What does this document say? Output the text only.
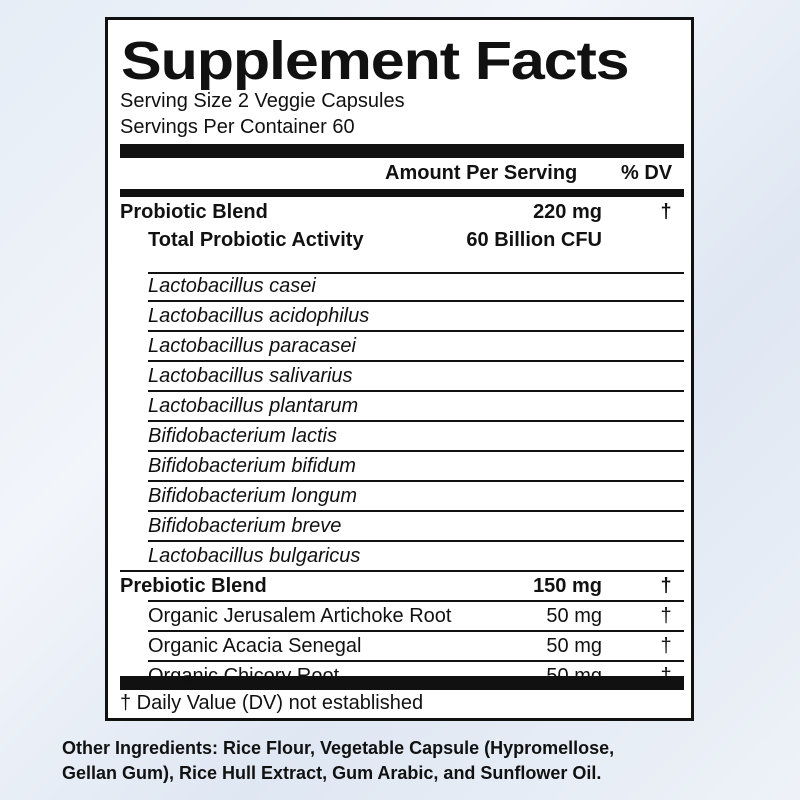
Supplement Facts
Serving Size 2 Veggie Capsules
Servings Per Container 60
Amount Per Serving % DV
† Daily Value (DV) not established
Probiotic Blend	220 mg	†
Total Probiotic Activity	60 Billion CFU
Lactobacillus casei
Lactobacillus acidophilus
Lactobacillus paracasei
Lactobacillus salivarius
Lactobacillus plantarum
Bifidobacterium lactis
Bifidobacterium bifidum
Bifidobacterium longum
Bifidobacterium breve
Lactobacillus bulgaricus
Prebiotic Blend	150 mg	†
Organic Jerusalem Artichoke Root	50 mg	†
Organic Acacia Senegal	50 mg	†
Organic Chicory Root	50 mg	†
Other Ingredients: Rice Flour, Vegetable Capsule (Hypromellose,
Gellan Gum), Rice Hull Extract, Gum Arabic, and Sunflower Oil.
